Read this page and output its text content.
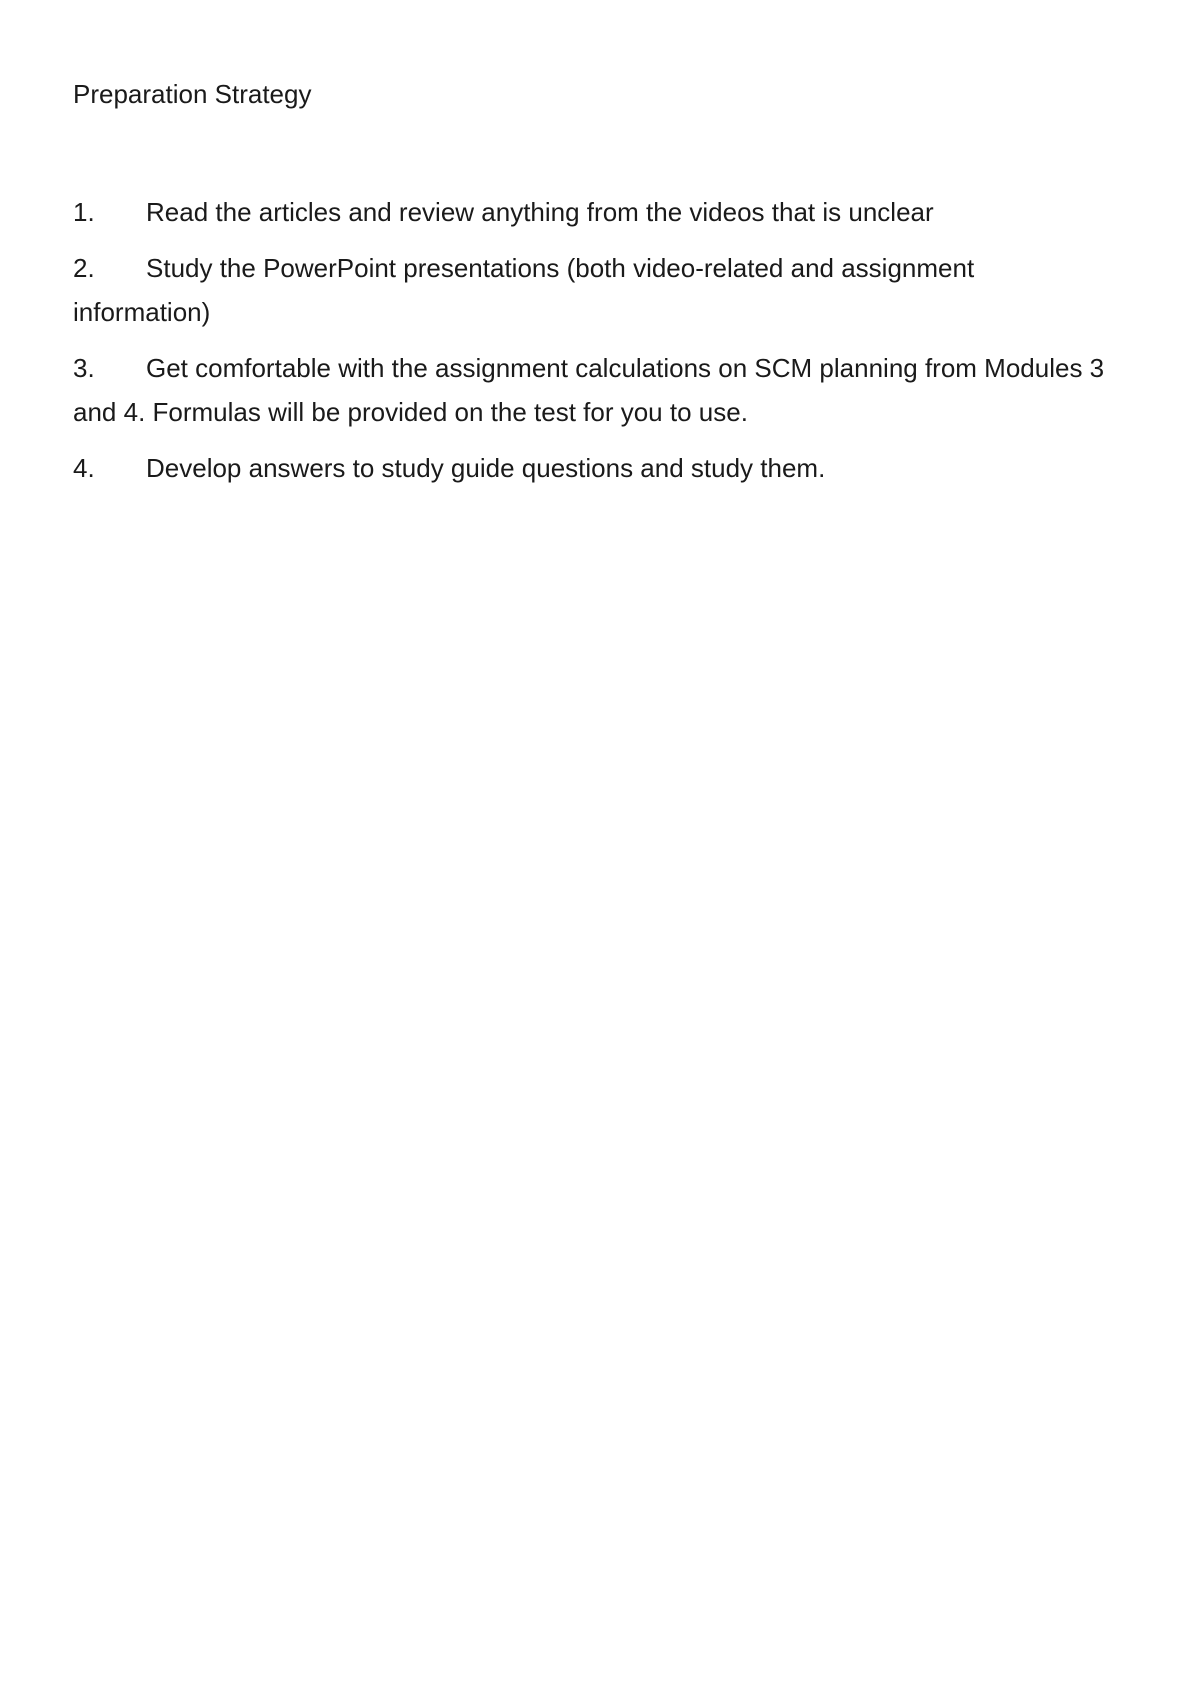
Preparation Strategy
1. Read the articles and review anything from the videos that is unclear
2. Study the PowerPoint presentations (both video-related and assignment information)
3. Get comfortable with the assignment calculations on SCM planning from Modules 3 and 4. Formulas will be provided on the test for you to use.
4. Develop answers to study guide questions and study them.
